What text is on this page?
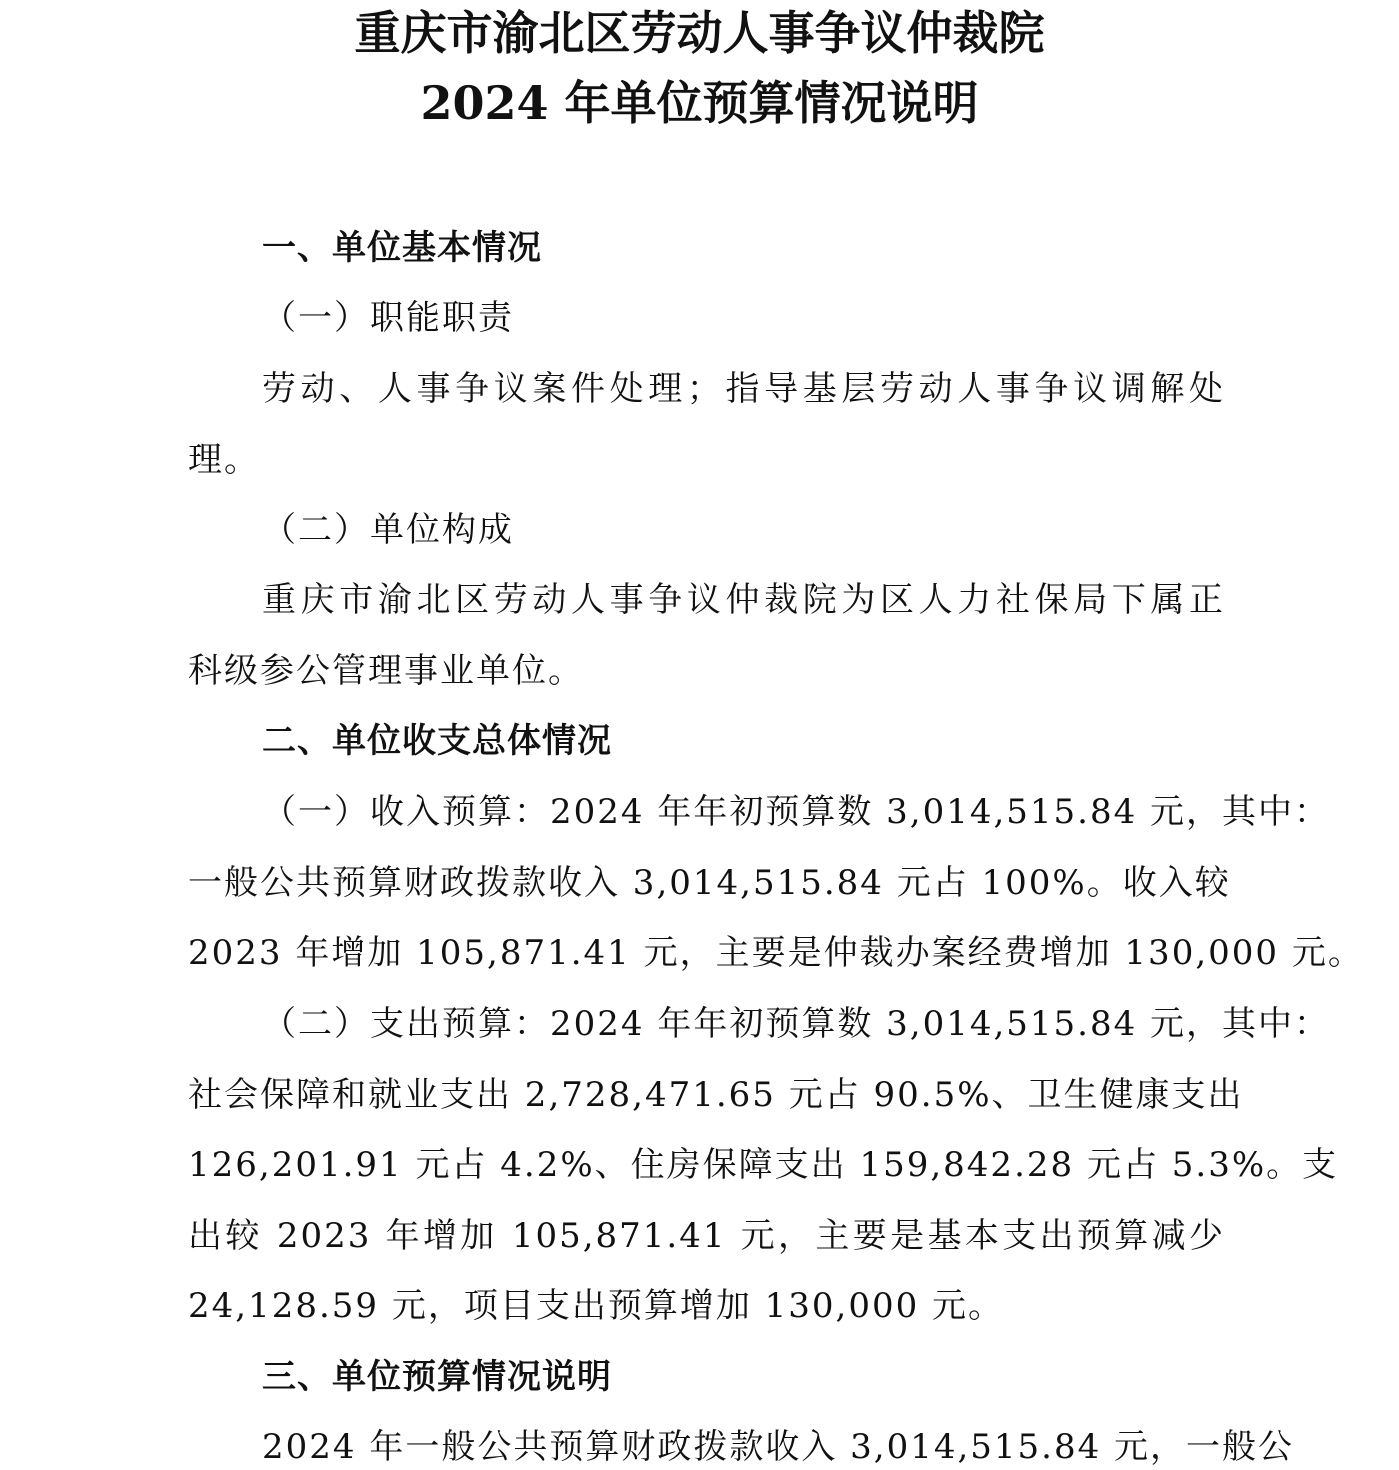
重庆市渝北区劳动人事争议仲裁院
2024 年单位预算情况说明
一、单位基本情况
（一）职能职责
劳动、人事争议案件处理；指导基层劳动人事争议调解处
理。
（二）单位构成
重庆市渝北区劳动人事争议仲裁院为区人力社保局下属正
科级参公管理事业单位。
二、单位收支总体情况
（一）收入预算：2024 年年初预算数 3,014,515.84 元，其中：
一般公共预算财政拨款收入 3,014,515.84 元占 100%。收入较
2023 年增加 105,871.41 元，主要是仲裁办案经费增加 130,000 元。
（二）支出预算：2024 年年初预算数 3,014,515.84 元，其中：
社会保障和就业支出 2,728,471.65 元占 90.5%、卫生健康支出
126,201.91 元占 4.2%、住房保障支出 159,842.28 元占 5.3%。支
出较 2023 年增加 105,871.41 元，主要是基本支出预算减少
24,128.59 元，项目支出预算增加 130,000 元。
三、单位预算情况说明
2024 年一般公共预算财政拨款收入 3,014,515.84 元，一般公
